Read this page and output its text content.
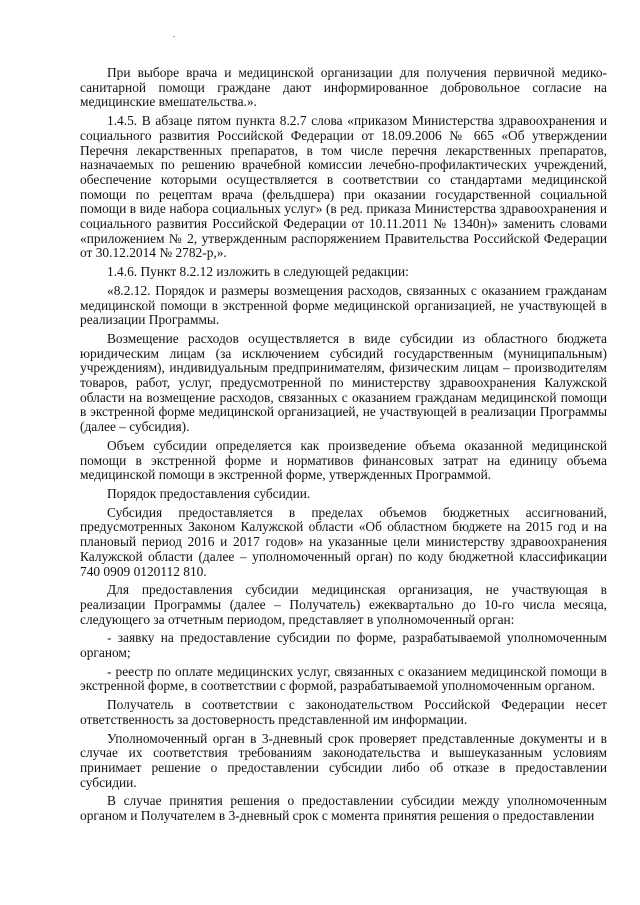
При выборе врача и медицинской организации для получения первичной медико-санитарной помощи граждане дают информированное добровольное согласие на медицинские вмешательства.».

1.4.5. В абзаце пятом пункта 8.2.7 слова «приказом Министерства здравоохранения и социального развития Российской Федерации от 18.09.2006 № 665 «Об утверждении Перечня лекарственных препаратов, в том числе перечня лекарственных препаратов, назначаемых по решению врачебной комиссии лечебно-профилактических учреждений, обеспечение которыми осуществляется в соответствии со стандартами медицинской помощи по рецептам врача (фельдшера) при оказании государственной социальной помощи в виде набора социальных услуг» (в ред. приказа Министерства здравоохранения и социального развития Российской Федерации от 10.11.2011 № 1340н)» заменить словами «приложением № 2, утвержденным распоряжением Правительства Российской Федерации от 30.12.2014 № 2782-р,».

1.4.6. Пункт 8.2.12 изложить в следующей редакции:

«8.2.12. Порядок и размеры возмещения расходов, связанных с оказанием гражданам медицинской помощи в экстренной форме медицинской организацией, не участвующей в реализации Программы.

Возмещение расходов осуществляется в виде субсидии из областного бюджета юридическим лицам (за исключением субсидий государственным (муниципальным) учреждениям), индивидуальным предпринимателям, физическим лицам – производителям товаров, работ, услуг, предусмотренной по министерству здравоохранения Калужской области на возмещение расходов, связанных с оказанием гражданам медицинской помощи в экстренной форме медицинской организацией, не участвующей в реализации Программы (далее – субсидия).

Объем субсидии определяется как произведение объема оказанной медицинской помощи в экстренной форме и нормативов финансовых затрат на единицу объема медицинской помощи в экстренной форме, утвержденных Программой.

Порядок предоставления субсидии.

Субсидия предоставляется в пределах объемов бюджетных ассигнований, предусмотренных Законом Калужской области «Об областном бюджете на 2015 год и на плановый период 2016 и 2017 годов» на указанные цели министерству здравоохранения Калужской области (далее – уполномоченный орган) по коду бюджетной классификации 740 0909 0120112 810.

Для предоставления субсидии медицинская организация, не участвующая в реализации Программы (далее – Получатель) ежеквартально до 10-го числа месяца, следующего за отчетным периодом, представляет в уполномоченный орган:

- заявку на предоставление субсидии по форме, разрабатываемой уполномоченным органом;

- реестр по оплате медицинских услуг, связанных с оказанием медицинской помощи в экстренной форме, в соответствии с формой, разрабатываемой уполномоченным органом.

Получатель в соответствии с законодательством Российской Федерации несет ответственность за достоверность представленной им информации.

Уполномоченный орган в 3-дневный срок проверяет представленные документы и в случае их соответствия требованиям законодательства и вышеуказанным условиям принимает решение о предоставлении субсидии либо об отказе в предоставлении субсидии.

В случае принятия решения о предоставлении субсидии между уполномоченным органом и Получателем в 3-дневный срок с момента принятия решения о предоставлении
